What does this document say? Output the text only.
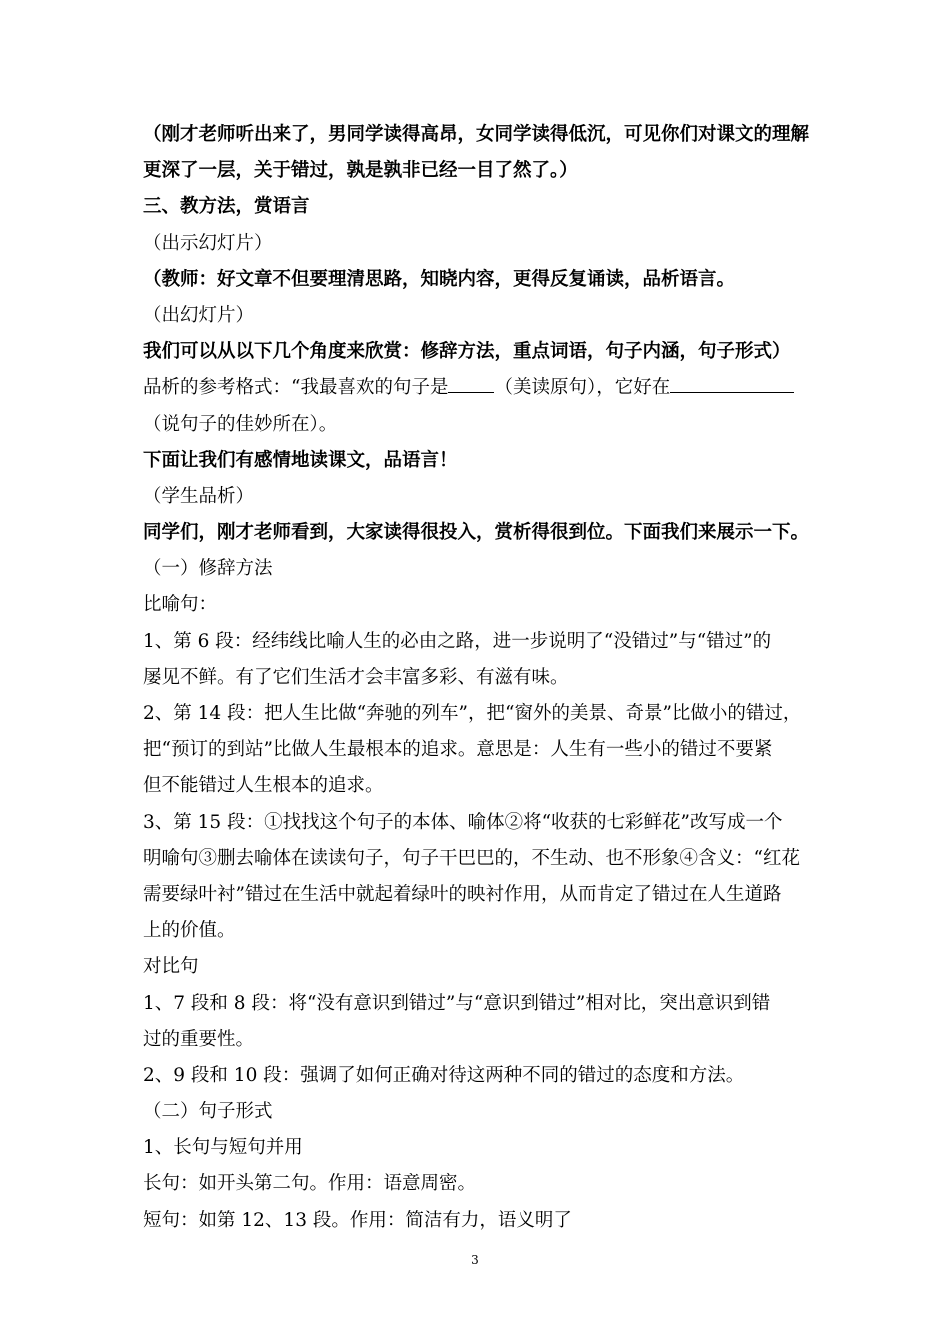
（刚才老师听出来了，男同学读得高昂，女同学读得低沉，可见你们对课文的理解
更深了一层，关于错过，孰是孰非已经一目了然了。）
三、教方法，赏语言
（出示幻灯片）
（教师：好文章不但要理清思路，知晓内容，更得反复诵读，品析语言。
（出幻灯片）
我们可以从以下几个角度来欣赏：修辞方法，重点词语，句子内涵，句子形式）
品析的参考格式：“我最喜欢的句子是 （美读原句），它好在
（说句子的佳妙所在）。
下面让我们有感情地读课文，品语言！
（学生品析）
同学们，刚才老师看到，大家读得很投入，赏析得很到位。下面我们来展示一下。
（一）修辞方法
比喻句：
1、第 6 段：经纬线比喻人生的必由之路，进一步说明了“没错过”与“错过”的
屡见不鲜。有了它们生活才会丰富多彩、有滋有味。
2、第 14 段：把人生比做“奔驰的列车”，把“窗外的美景、奇景”比做小的错过，
把“预订的到站”比做人生最根本的追求。意思是：人生有一些小的错过不要紧
但不能错过人生根本的追求。
3、第 15 段：①找找这个句子的本体、喻体②将“收获的七彩鲜花”改写成一个
明喻句③删去喻体在读读句子，句子干巴巴的，不生动、也不形象④含义：“红花
需要绿叶衬”错过在生活中就起着绿叶的映衬作用，从而肯定了错过在人生道路
上的价值。
对比句
1、7 段和 8 段：将“没有意识到错过”与“意识到错过”相对比，突出意识到错
过的重要性。
2、9 段和 10 段：强调了如何正确对待这两种不同的错过的态度和方法。
（二）句子形式
1、长句与短句并用
长句：如开头第二句。作用：语意周密。
短句：如第 12、13 段。作用：简洁有力，语义明了
3
